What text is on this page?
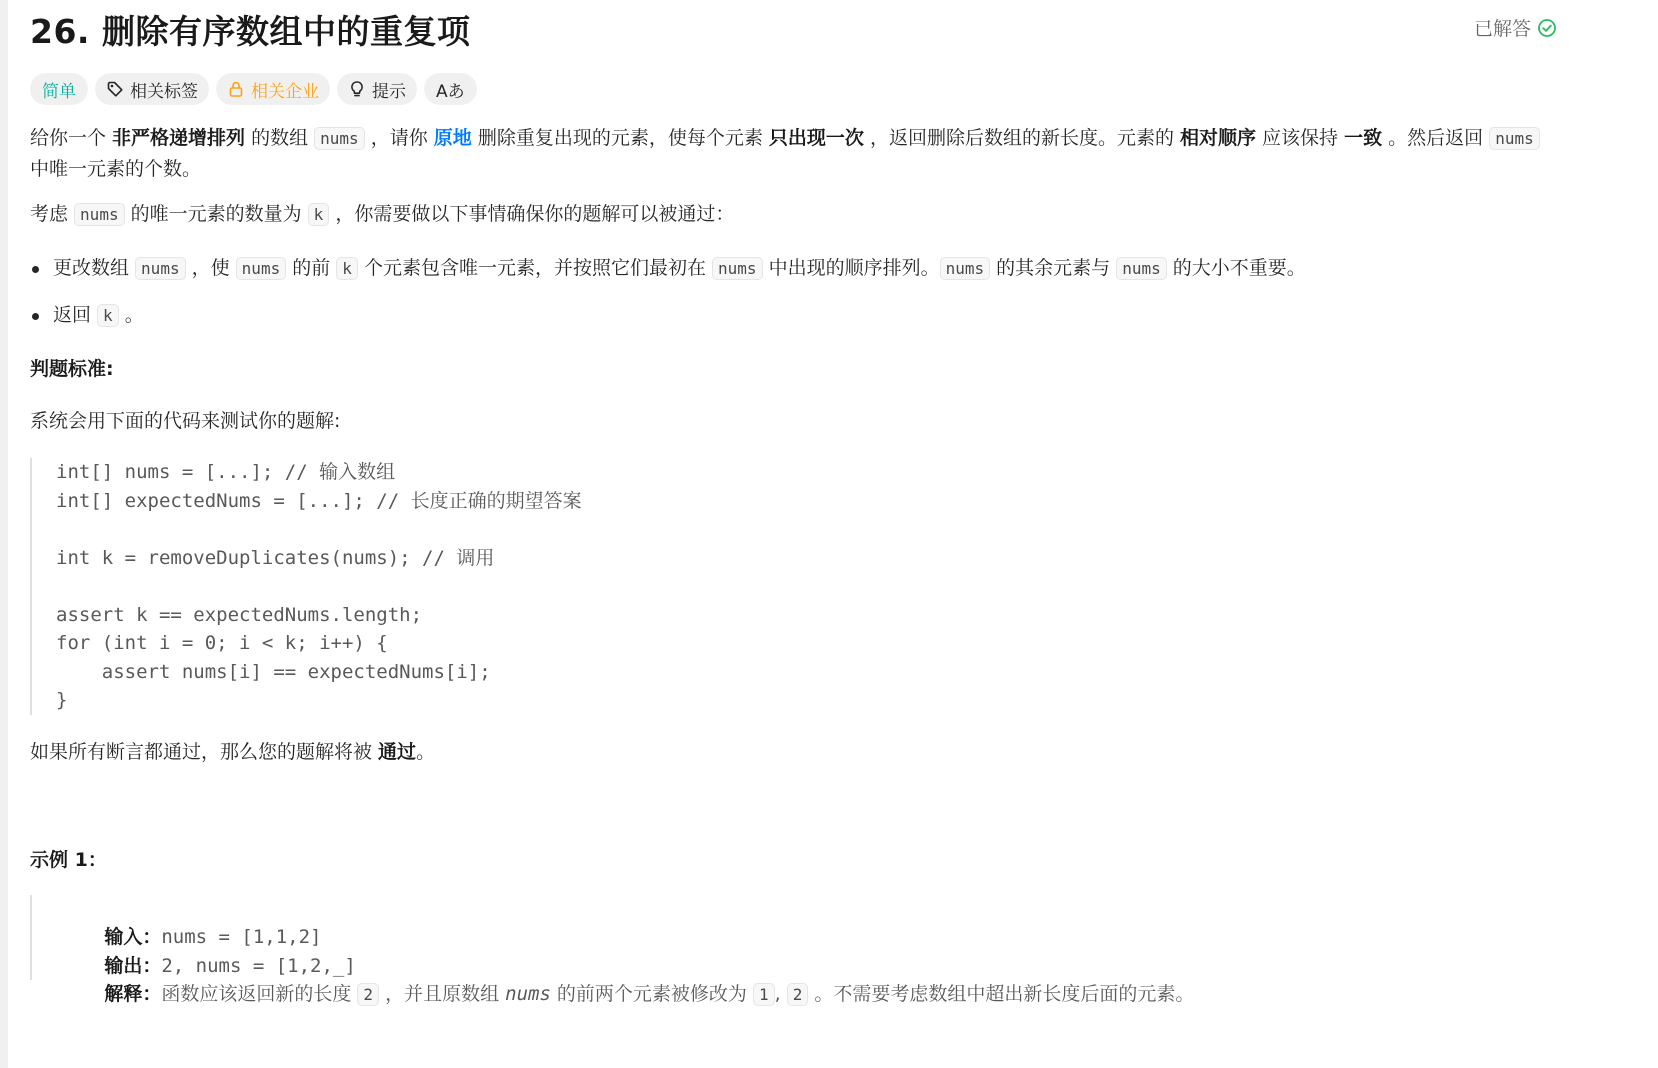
26. 删除有序数组中的重复项	已解答
简单	相关标签	相关企业	提示 Aあ

给你一个 非严格递增排列 的数组 nums ，请你 原地 删除重复出现的元素，使每个元素 只出现一次 ，返回删除后数组的新长度。元素的 相对顺序 应该保持 一致 。然后返回 nums 中唯一元素的个数。

考虑 nums 的唯一元素的数量为 k ，你需要做以下事情确保你的题解可以被通过：

更改数组 nums ，使 nums 的前 k 个元素包含唯一元素，并按照它们最初在 nums 中出现的顺序排列。 nums 的其余元素与 nums 的大小不重要。
返回 k 。

判题标准:

系统会用下面的代码来测试你的题解:

int[] nums = [...]; // 输入数组
int[] expectedNums = [...]; // 长度正确的期望答案
int k = removeDuplicates(nums); // 调用
assert k == expectedNums.length;
for (int i = 0; i < k; i++) {
assert nums[i] == expectedNums[i];
}

如果所有断言都通过，那么您的题解将被 通过。

示例 1：

输入：nums = [1,1,2]

输出：2, nums = [1,2,_]

解释：函数应该返回新的长度 2 ，并且原数组 nums 的前两个元素被修改为 1 , 2 。不需要考虑数组中超出新长度后面的元素。
